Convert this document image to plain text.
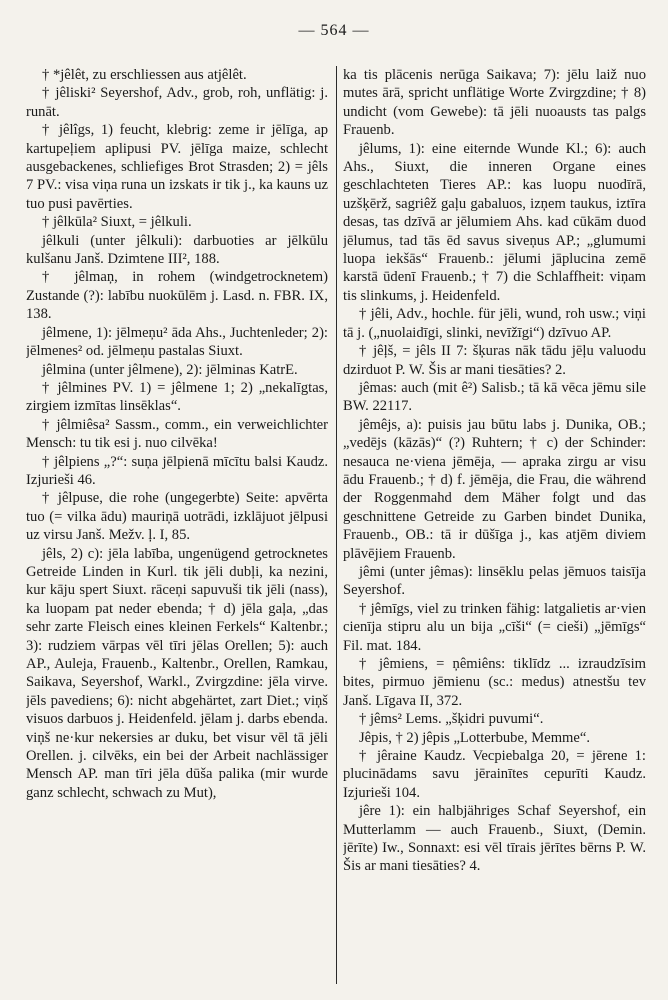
— 564 —

† *jêlêt, zu erschliessen aus atjêlêt.

† jêliski² Seyershof, Adv., grob, roh, unflätig: j. runāt.

† jêlîgs, 1) feucht, klebrig: zeme ir jēlīga, ap kartupeļiem aplipusi PV. jēlīga maize, schlecht ausgebackenes, schliefiges Brot Strasden; 2) = jêls 7 PV.: visa viņa runa un izskats ir tik j., ka kauns uz tuo pusi pavērties.

† jêlkūla² Siuxt, = jêlkuli.

jêlkuli (unter jêlkuli): darbuoties ar jēlkūlu kulšanu Janš. Dzimtene III², 188.

† jêlmaņ, in rohem (windgetrocknetem) Zustande (?): labību nuokūlēm j. Lasd. n. FBR. IX, 138.

jêlmene, 1): jēlmeņu² āda Ahs., Juchtenleder; 2): jēlmenes² od. jēlmeņu pastalas Siuxt.

jêlmina (unter jêlmene), 2): jēlminas KatrE.

† jêlmines PV. 1) = jêlmene 1; 2) „nekalīgtas, zirgiem izmītas linsēklas“.

† jêlmiêsa² Sassm., comm., ein verweichlichter Mensch: tu tik esi j. nuo cilvēka!

† jêlpiens „?“: suņa jēlpienā mīcītu balsi Kaudz. Izjurieši 46.

† jêlpuse, die rohe (ungegerbte) Seite: apvērta tuo (= vilka ādu) mauriņā uotrādi, izklājuot jēlpusi uz virsu Janš. Mežv. ļ. I, 85.

jêls, 2) c): jēla labība, ungenügend getrocknetes Getreide Linden in Kurl. tik jēli dubļi, ka nezini, kur kāju spert Siuxt. rāceņi sapuvuši tik jēli (nass), ka luopam pat neder ebenda; † d) jēla gaļa, „das sehr zarte Fleisch eines kleinen Ferkels“ Kaltenbr.; 3): rudziem vārpas vēl tīri jēlas Orellen; 5): auch AP., Auleja, Frauenb., Kaltenbr., Orellen, Ramkau, Saikava, Seyershof, Warkl., Zvirgzdine: jēla virve. jēls pavediens; 6): nicht abgehärtet, zart Diet.; viņš visuos darbuos j. Heidenfeld. jēlam j. darbs ebenda. viņš ne·kur nekersies ar duku, bet visur vēl tā jēli Orellen. j. cilvēks, ein bei der Arbeit nachlässiger Mensch AP. man tīri jēla dūša palika (mir wurde ganz schlecht, schwach zu Mut),

ka tis plācenis nerūga Saikava; 7): jēlu laiž nuo mutes ārā, spricht unflätige Worte Zvirgzdine; † 8) undicht (vom Gewebe): tā jēli nuoausts tas palgs Frauenb.

jêlums, 1): eine eiternde Wunde Kl.; 6): auch Ahs., Siuxt, die inneren Organe eines geschlachteten Tieres AP.: kas luopu nuodīrā, uzšķērž, sagriêž gaļu gabaluos, izņem taukus, iztīra desas, tas dzīvā ar jēlumiem Ahs. kad cūkām duod jēlumus, tad tās ēd savus siveņus AP.; „glumumi luopa iekšās“ Frauenb.: jēlumi jāplucina zemē karstā ūdenī Frauenb.; † 7) die Schlaffheit: viņam tis slinkums, j. Heidenfeld.

† jêli, Adv., hochle. für jēli, wund, roh usw.; viņi tā j. („nuolaidīgi, slinki, nevīžīgi“) dzīvuo AP.

† jêļš, = jêls II 7: šķuras nāk tādu jēļu valuodu dzirduot P. W. Šis ar mani tiesāties? 2.

jêmas: auch (mit ê²) Salisb.; tā kā vēca jēmu sile BW. 22117.

jêmêjs, a): puisis jau būtu labs j. Dunika, OB.; „vedējs (kāzās)“ (?) Ruhtern; † c) der Schinder: nesauca ne·viena jēmēja, — apraka zirgu ar visu ādu Frauenb.; † d) f. jēmēja, die Frau, die während der Roggenmahd dem Mäher folgt und das geschnittene Getreide zu Garben bindet Dunika, Frauenb., OB.: tā ir dūšīga j., kas atjēm diviem plāvējiem Frauenb.

jêmi (unter jêmas): linsēklu pelas jēmuos taisīja Seyershof.

† jêmīgs, viel zu trinken fähig: latgalietis ar·vien cienīja stipru alu un bija „cīši“ (= cieši) „jēmīgs“ Fil. mat. 184.

† jêmiens, = ņêmiêns: tiklīdz ... izraudzīsim bites, pirmuo jēmienu (sc.: medus) atnestšu tev Janš. Līgava II, 372.

† jêms² Lems. „šķidri puvumi“.

Jêpis, † 2) jêpis „Lotterbube, Memme“.

† jêraine Kaudz. Vecpiebalga 20, = jērene 1: plucinādams savu jērainītes cepurīti Kaudz. Izjurieši 104.

jêre 1): ein halbjähriges Schaf Seyershof, ein Mutterlamm — auch Frauenb., Siuxt, (Demin. jērīte) Iw., Sonnaxt: esi vēl tīrais jērītes bērns P. W. Šis ar mani tiesāties? 4.
